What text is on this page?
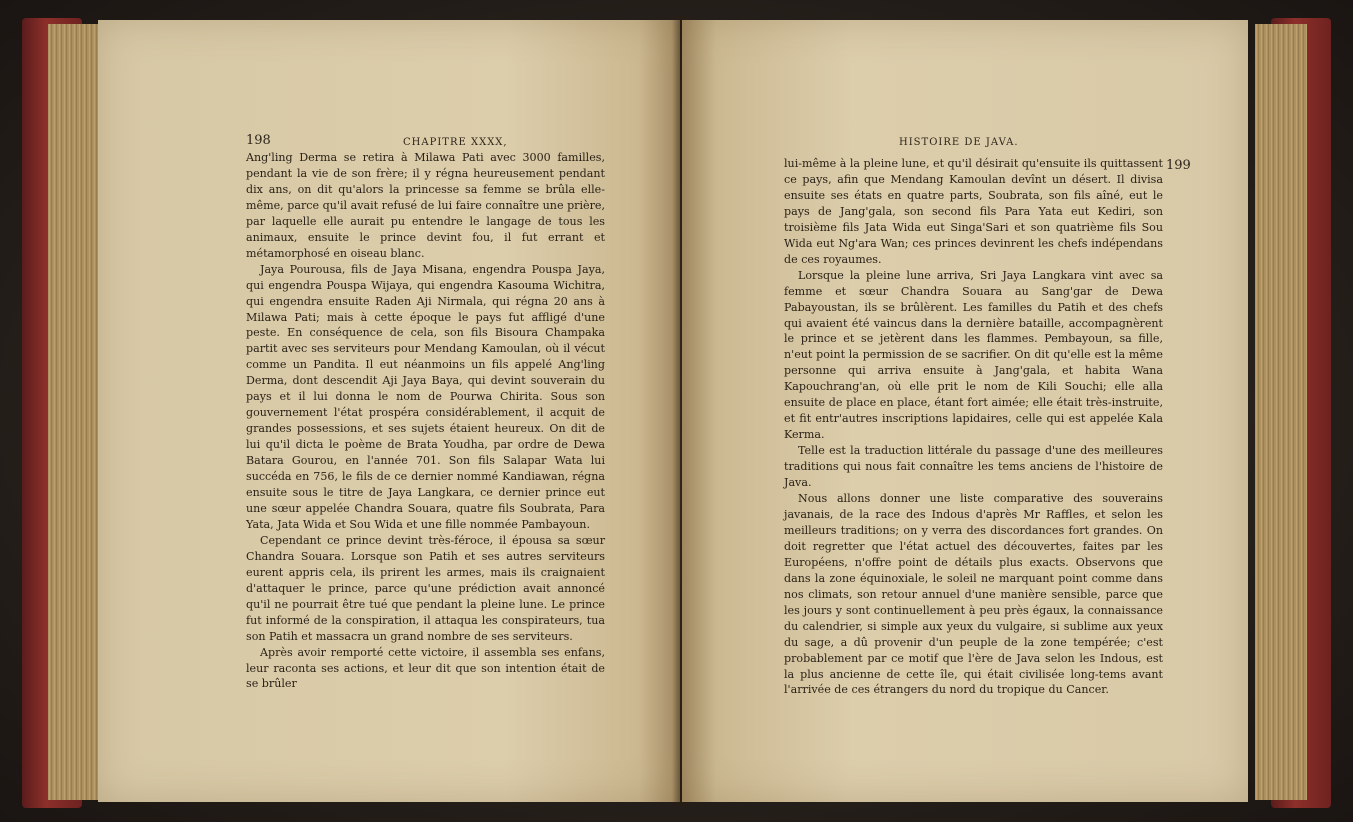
198	CHAPITRE XXXX,

Ang'ling Derma se retira à Milawa Pati avec 3000 familles, pendant la vie de son frère; il y régna heureusement pendant dix ans, on dit qu'alors la princesse sa femme se brûla elle-même, parce qu'il avait refusé de lui faire connaître une prière, par laquelle elle aurait pu entendre le langage de tous les animaux, ensuite le prince devint fou, il fut errant et métamorphosé en oiseau blanc.

Jaya Pourousa, fils de Jaya Misana, engendra Pouspa Jaya, qui engendra Pouspa Wijaya, qui engendra Kasouma Wichitra, qui engendra ensuite Raden Aji Nirmala, qui régna 20 ans à Milawa Pati; mais à cette époque le pays fut affligé d'une peste. En conséquence de cela, son fils Bisoura Champaka partit avec ses serviteurs pour Mendang Kamoulan, où il vécut comme un Pandita. Il eut néanmoins un fils appelé Ang'ling Derma, dont descendit Aji Jaya Baya, qui devint souverain du pays et il lui donna le nom de Pourwa Chirita. Sous son gouvernement l'état prospéra considérablement, il acquit de grandes possessions, et ses sujets étaient heureux. On dit de lui qu'il dicta le poème de Brata Youdha, par ordre de Dewa Batara Gourou, en l'année 701. Son fils Salapar Wata lui succéda en 756, le fils de ce dernier nommé Kandiawan, régna ensuite sous le titre de Jaya Langkara, ce dernier prince eut une sœur appelée Chandra Souara, quatre fils Soubrata, Para Yata, Jata Wida et Sou Wida et une fille nommée Pambayoun.

Cependant ce prince devint très-féroce, il épousa sa sœur Chandra Souara. Lorsque son Patih et ses autres serviteurs eurent appris cela, ils prirent les armes, mais ils craignaient d'attaquer le prince, parce qu'une prédiction avait annoncé qu'il ne pourrait être tué que pendant la pleine lune. Le prince fut informé de la conspiration, il attaqua les conspirateurs, tua son Patih et massacra un grand nombre de ses serviteurs.

Après avoir remporté cette victoire, il assembla ses enfans, leur raconta ses actions, et leur dit que son intention était de se brûler

HISTOIRE DE JAVA.
199

lui-même à la pleine lune, et qu'il désirait qu'ensuite ils quittassent ce pays, afin que Mendang Kamoulan devînt un désert. Il divisa ensuite ses états en quatre parts, Soubrata, son fils aîné, eut le pays de Jang'gala, son second fils Para Yata eut Kediri, son troisième fils Jata Wida eut Singa'Sari et son quatrième fils Sou Wida eut Ng'ara Wan; ces princes devinrent les chefs indépendans de ces royaumes.

Lorsque la pleine lune arriva, Sri Jaya Langkara vint avec sa femme et sœur Chandra Souara au Sang'gar de Dewa Pabayoustan, ils se brûlèrent. Les familles du Patih et des chefs qui avaient été vaincus dans la dernière bataille, accompagnèrent le prince et se jetèrent dans les flammes. Pembayoun, sa fille, n'eut point la permission de se sacrifier. On dit qu'elle est la même personne qui arriva ensuite à Jang'gala, et habita Wana Kapouchrang'an, où elle prit le nom de Kili Souchi; elle alla ensuite de place en place, étant fort aimée; elle était très-instruite, et fit entr'autres inscriptions lapidaires, celle qui est appelée Kala Kerma.

Telle est la traduction littérale du passage d'une des meilleures traditions qui nous fait connaître les tems anciens de l'histoire de Java.

Nous allons donner une liste comparative des souverains javanais, de la race des Indous d'après Mr Raffles, et selon les meilleurs traditions; on y verra des discordances fort grandes. On doit regretter que l'état actuel des découvertes, faites par les Européens, n'offre point de détails plus exacts. Observons que dans la zone équinoxiale, le soleil ne marquant point comme dans nos climats, son retour annuel d'une manière sensible, parce que les jours y sont continuellement à peu près égaux, la connaissance du calendrier, si simple aux yeux du vulgaire, si sublime aux yeux du sage, a dû provenir d'un peuple de la zone tempérée; c'est probablement par ce motif que l'ère de Java selon les Indous, est la plus ancienne de cette île, qui était civilisée long-tems avant l'arrivée de ces étrangers du nord du tropique du Cancer.
